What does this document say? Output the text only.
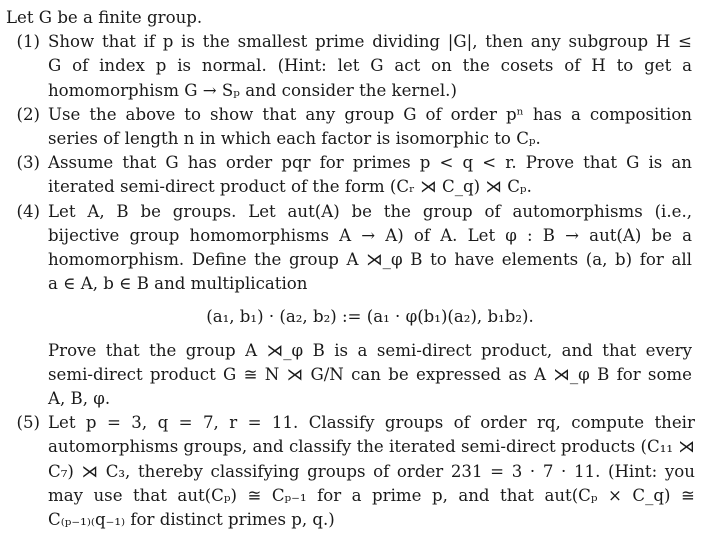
Let G be a finite group.

(1) Show that if p is the smallest prime dividing |G|, then any subgroup H ≤
G of index p is normal. (Hint: let G act on the cosets of H to get a
homomorphism G → Sₚ and consider the kernel.)
(2) Use the above to show that any group G of order pⁿ has a composition
series of length n in which each factor is isomorphic to Cₚ.
(3) Assume that G has order pqr for primes p < q < r. Prove that G is an
iterated semi-direct product of the form (Cᵣ ⋊ C_q) ⋊ Cₚ.
(4) Let A, B be groups. Let aut(A) be the group of automorphisms (i.e.,
bijective group homomorphisms A → A) of A. Let φ : B → aut(A) be a
homomorphism. Define the group A ⋊_φ B to have elements (a, b) for all
a ∈ A, b ∈ B and multiplication
(a₁, b₁) · (a₂, b₂) := (a₁ · φ(b₁)(a₂), b₁b₂).
Prove that the group A ⋊_φ B is a semi-direct product, and that every
semi-direct product G ≅ N ⋊ G/N can be expressed as A ⋊_φ B for some
A, B, φ.
(5) Let p = 3, q = 7, r = 11. Classify groups of order rq, compute their
automorphisms groups, and classify the iterated semi-direct products (C₁₁ ⋊
C₇) ⋊ C₃, thereby classifying groups of order 231 = 3 · 7 · 11. (Hint: you
may use that aut(Cₚ) ≅ Cₚ₋₁ for a prime p, and that aut(Cₚ × C_q) ≅
C₍ₚ₋₁₎₍q₋₁₎ for distinct primes p, q.)
